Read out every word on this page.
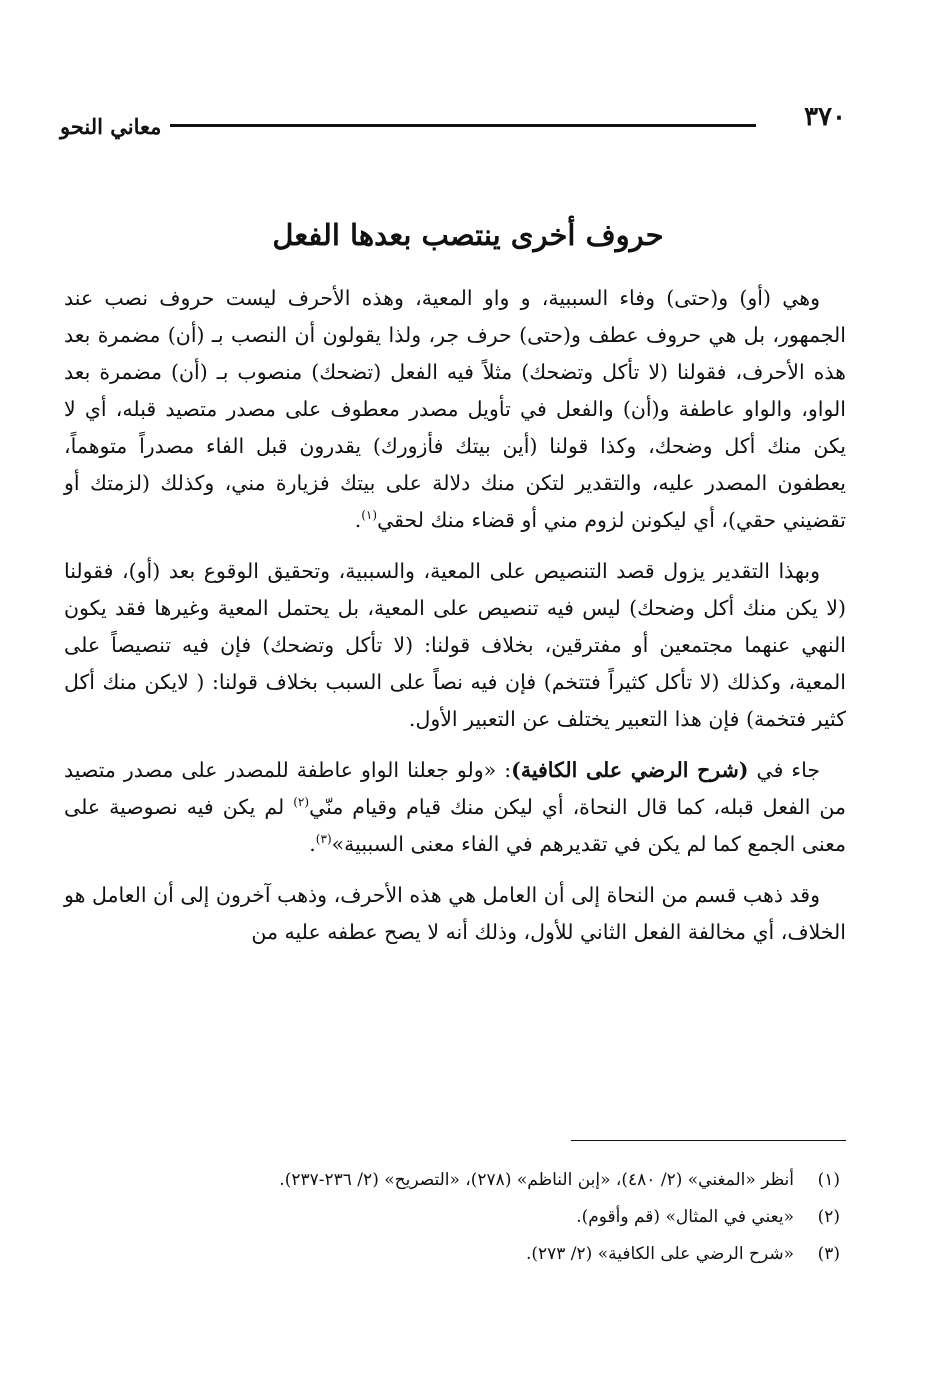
٣٧٠
معاني النحو
حروف أخرى ينتصب بعدها الفعل

وهي (أو) و(حتى) وفاء السببية، و واو المعية، وهذه الأحرف ليست حروف نصب عند الجمهور، بل هي حروف عطف و(حتى) حرف جر، ولذا يقولون أن النصب بـ (أن) مضمرة بعد هذه الأحرف، فقولنا (لا تأكل وتضحك) مثلاً فيه الفعل (تضحك) منصوب بـ (أن) مضمرة بعد الواو، والواو عاطفة و(أن) والفعل في تأويل مصدر معطوف على مصدر متصيد قبله، أي لا يكن منك أكل وضحك، وكذا قولنا (أين بيتك فأزورك) يقدرون قبل الفاء مصدراً متوهماً، يعطفون المصدر عليه، والتقدير لتكن منك دلالة على بيتك فزيارة مني، وكذلك (لزمتك أو تقضيني حقي)، أي ليكونن لزوم مني أو قضاء منك لحقي$^{(١)}$.

وبهذا التقدير يزول قصد التنصيص على المعية، والسببية، وتحقيق الوقوع بعد (أو)، فقولنا (لا يكن منك أكل وضحك) ليس فيه تنصيص على المعية، بل يحتمل المعية وغيرها فقد يكون النهي عنهما مجتمعين أو مفترقين، بخلاف قولنا: (لا تأكل وتضحك) فإن فيه تنصيصاً على المعية، وكذلك (لا تأكل كثيراً فتتخم) فإن فيه نصاً على السبب بخلاف قولنا: ( لايكن منك أكل كثير فتخمة) فإن هذا التعبير يختلف عن التعبير الأول.

جاء في (شرح الرضي على الكافية): «ولو جعلنا الواو عاطفة للمصدر على مصدر متصيد من الفعل قبله، كما قال النحاة، أي ليكن منك قيام وقيام منّي$^{(٢)}$ لم يكن فيه نصوصية على معنى الجمع كما لم يكن في تقديرهم في الفاء معنى السببية»$^{(٣)}$.

وقد ذهب قسم من النحاة إلى أن العامل هي هذه الأحرف، وذهب آخرون إلى أن العامل هو الخلاف، أي مخالفة الفعل الثاني للأول، وذلك أنه لا يصح عطفه عليه من

(١)
أنظر «المغني» (٢/ ٤٨٠)، «إبن الناظم» (٢٧٨)، «التصريح» (٢/ ٢٣٦-٢٣٧).
(٢)
«يعني في المثال» (قم وأقوم).
(٣)
«شرح الرضي على الكافية» (٢/ ٢٧٣).
